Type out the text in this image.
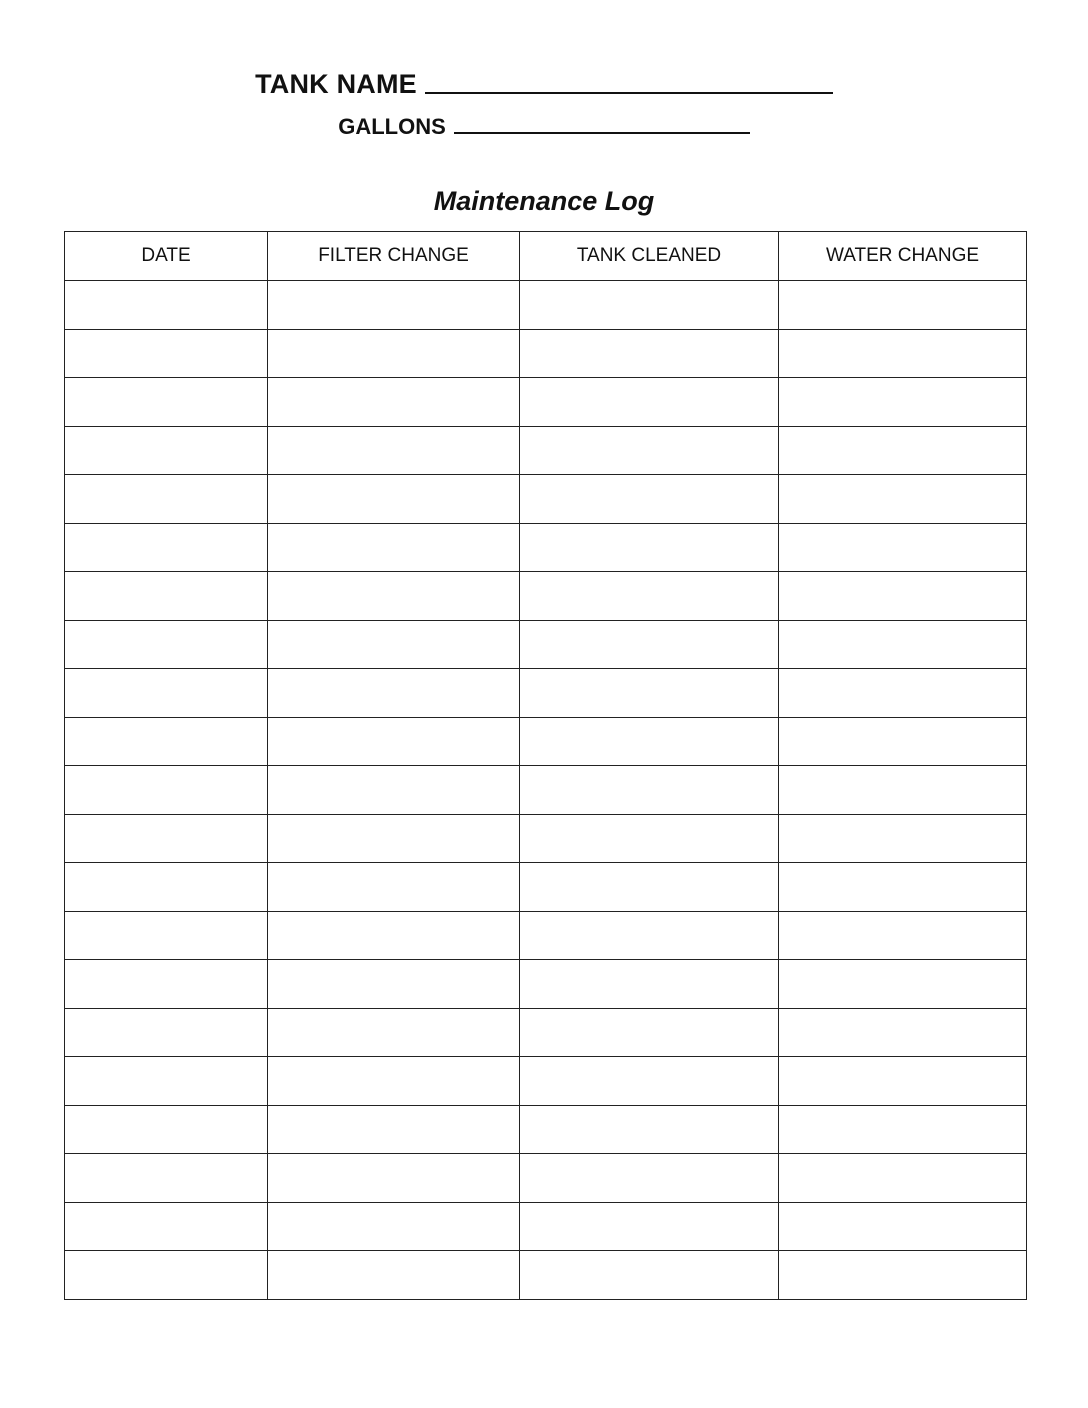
TANK NAME
GALLONS
Maintenance Log
DATE	FILTER CHANGE	TANK CLEANED	WATER CHANGE
